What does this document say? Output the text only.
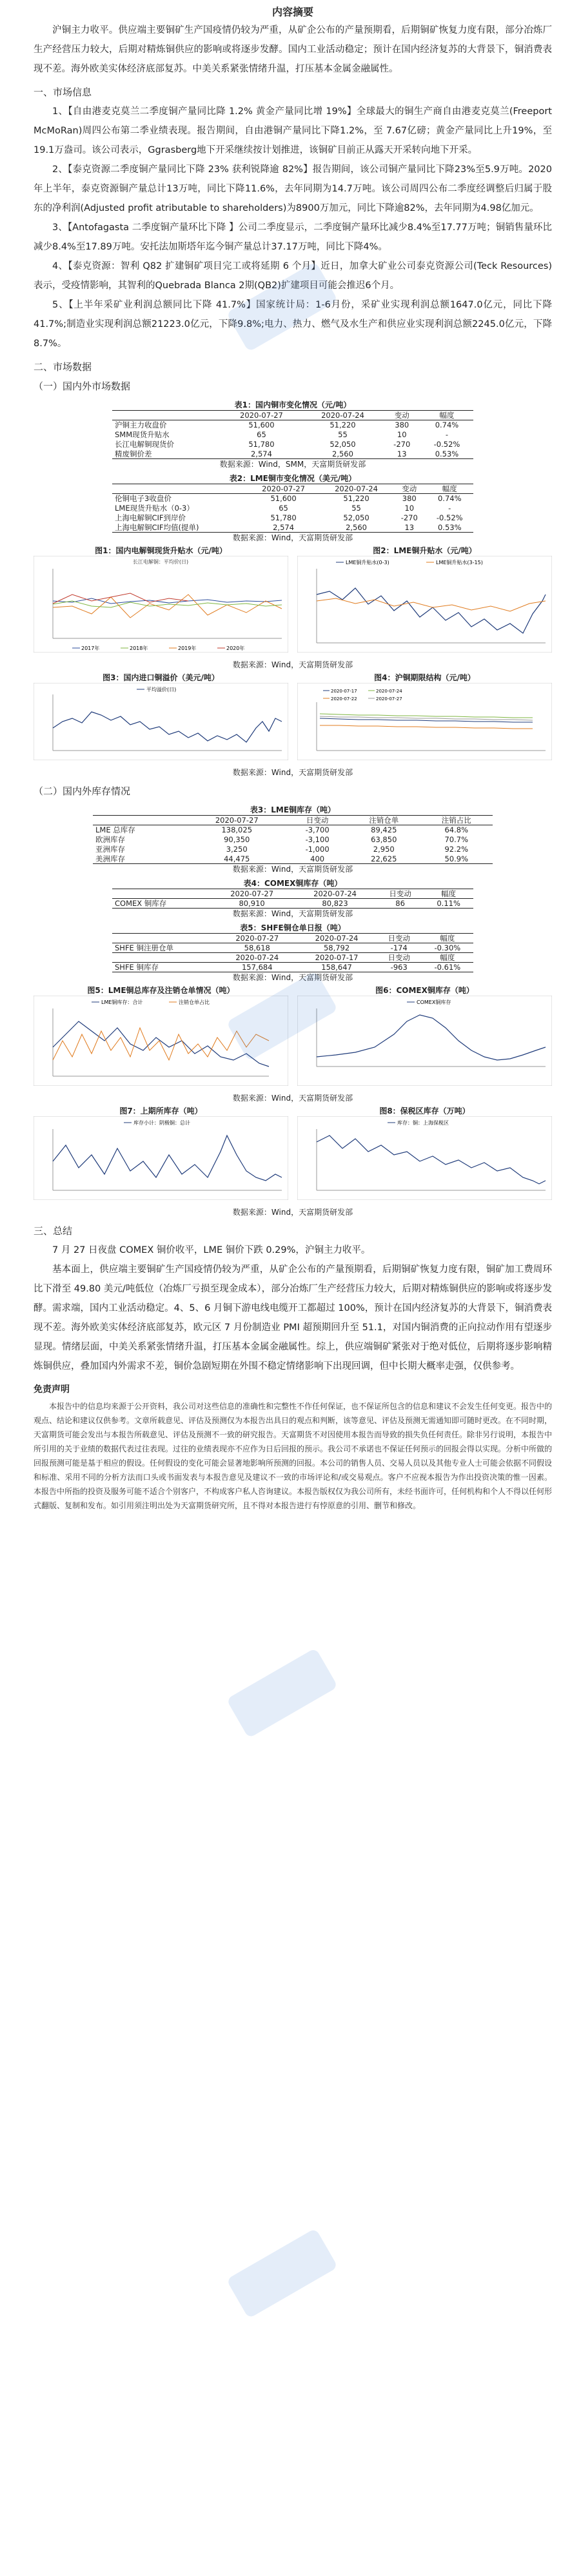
内容摘要

沪铜主力收平。供应端主要铜矿生产国疫情仍较为严重，从矿企公布的产量预期看，后期铜矿恢复力度有限，部分冶炼厂生产经营压力较大，后期对精炼铜供应的影响或将逐步发酵。国内工业活动稳定；预计在国内经济复苏的大背景下，铜消费表现不差。海外欧美实体经济底部复苏。中美关系紧张情绪升温，打压基本金属金融属性。

一、市场信息

1、【自由港麦克莫兰二季度铜产量同比降 1.2% 黄金产量同比增 19%】全球最大的铜生产商自由港麦克莫兰(Freeport McMoRan)周四公布第二季业绩表现。报告期间，自由港铜产量同比下降1.2%，至 7.67亿磅；黄金产量同比上升19%，至19.1万盎司。该公司表示，Ggrasberg地下开采继续按计划推进，该铜矿目前正从露天开采转向地下开采。

2、【泰克资源二季度铜产量同比下降 23% 获利锐降逾 82%】报告期间，该公司铜产量同比下降23%至5.9万吨。2020年上半年，泰克资源铜产量总计13万吨，同比下降11.6%，去年同期为14.7万吨。该公司周四公布二季度经调整后归属于股东的净利润(Adjusted profit atributable to shareholders)为8900万加元，同比下降逾82%，去年同期为4.98亿加元。

3、【Antofagasta 二季度铜产量环比下降 】公司二季度显示，二季度铜产量环比减少8.4%至17.77万吨；铜销售量环比减少8.4%至17.89万吨。安托法加斯塔年迄今铜产量总计37.17万吨，同比下降4%。

4、【泰克资源：智利 Q82 扩建铜矿项目完工或将延期 6 个月】近日，加拿大矿业公司泰克资源公司(Teck Resources)表示，受疫情影响，其智利的Quebrada Blanca 2期(QB2)扩建项目可能会推迟6个月。

5、【上半年采矿业利润总额同比下降 41.7%】国家统计局：1-6月份，采矿业实现利润总额1647.0亿元，同比下降41.7%;制造业实现利润总额21223.0亿元，下降9.8%;电力、热力、燃气及水生产和供应业实现利润总额2245.0亿元，下降8.7%。

二、市场数据
（一）国内外市场数据
表1：国内铜市变化情况（元/吨）
	2020-07-27	2020-07-24	变动	幅度
沪铜主力收盘价	51,600	51,220	380	0.74%
SMM现货升贴水	65	55	10	-
长江电解铜现货价	51,780	52,050	-270	-0.52%
精废铜价差	2,574	2,560	13	0.53%
数据来源：Wind，SMM，天富期货研发部
表2：LME铜市变化情况（美元/吨）
	2020-07-27	2020-07-24	变动	幅度
伦铜电子3收盘价	51,600	51,220	380	0.74%
LME现货升贴水（0-3）	65	55	10	-
上海电解铜CIF到岸价	51,780	52,050	-270	-0.52%
上海电解铜CIF均值(提单)	2,574	2,560	13	0.53%
数据来源：Wind，天富期货研发部
图1：国内电解铜现货升贴水（元/吨）
长江电解铜：平均价(日)
2017年	2018年	2019年	2020年
图2：LME铜升贴水（元/吨）
LME铜升贴水(0-3)	LME铜升贴水(3-15)
数据来源：Wind，天富期货研发部
图3：国内进口铜溢价（美元/吨）
平均溢价(日)
图4：沪铜期限结构（元/吨）
2020-07-17	2020-07-24
2020-07-22	2020-07-27
数据来源：Wind，天富期货研发部
（二）国内外库存情况
表3：LME铜库存（吨）
	2020-07-27	日变动	注销仓单	注销占比
LME 总库存	138,025	-3,700	89,425	64.8%
欧洲库存	90,350	-3,100	63,850	70.7%
亚洲库存	3,250	-1,000	2,950	92.2%
美洲库存	44,475	400	22,625	50.9%
数据来源：Wind，天富期货研发部
表4：COMEX铜库存（吨）
	2020-07-27	2020-07-24	日变动	幅度
COMEX 铜库存	80,910	80,823	86	0.11%
数据来源：Wind，天富期货研发部
表5：SHFE铜仓单日报（吨）
	2020-07-27	2020-07-24	日变动	幅度
SHFE 铜注册仓单	58,618	58,792	-174	-0.30%
	2020-07-24	2020-07-17	日变动	幅度
SHFE 铜库存	157,684	158,647	-963	-0.61%
数据来源：Wind，天富期货研发部
图5：LME铜总库存及注销仓单情况（吨）
LME铜库存：合计	注销仓单占比
图6：COMEX铜库存（吨）
COMEX铜库存
数据来源：Wind，天富期货研发部
图7：上期所库存（吨）
库存小计：阴极铜：总计
图8：保税区库存（万吨）
库存：铜：上海保税区
数据来源：Wind，天富期货研发部
三、总结

7 月 27 日夜盘 COMEX 铜价收平，LME 铜价下跌 0.29%，沪铜主力收平。

基本面上，供应端主要铜矿生产国疫情仍较为严重，从矿企公布的产量预期看，后期铜矿恢复力度有限，铜矿加工费周环比下滑至 49.80 美元/吨低位（冶炼厂亏损至现金成本），部分冶炼厂生产经营压力较大，后期对精炼铜供应的影响或将逐步发酵。需求端，国内工业活动稳定。4、5、6 月铜下游电线电缆开工都超过 100%，预计在国内经济复苏的大背景下，铜消费表现不差。海外欧美实体经济底部复苏，欧元区 7 月份制造业 PMI 超预期回升至 51.1，对国内铜消费的正向拉动作用有望逐步显现。情绪层面，中美关系紧张情绪升温，打压基本金属金融属性。综上，供应端铜矿紧张对于绝对低位，后期将逐步影响精炼铜供应，叠加国内外需求不差，铜价急剧短期在外围不稳定情绪影响下出现回调，但中长期大概率走强，仅供参考。

免责声明

本报告中的信息均来源于公开资料，我公司对这些信息的准确性和完整性不作任何保证，也不保证所包含的信息和建议不会发生任何变更。报告中的观点、结论和建议仅供参考。文章所载意见、评估及预测仅为本报告出具日的观点和判断，该等意见、评估及预测无需通知即可随时更改。在不同时期，天富期货可能会发出与本报告所载意见、评估及预测不一致的研究报告。天富期货不对因使用本报告而导致的损失负任何责任。除非另行说明，本报告中所引用的关于业绩的数据代表过往表现。过往的业绩表现亦不应作为日后回报的预示。我公司不承诺也不保证任何预示的回报会得以实现。分析中所做的回报预测可能是基于相应的假设。任何假设的变化可能会显著地影响所预测的回报。本公司的销售人员、交易人员以及其他专业人士可能会依据不同假设和标准、采用不同的分析方法而口头或书面发表与本报告意见及建议不一致的市场评论和/或交易观点。客户不应视本报告为作出投资决策的惟一因素。本报告中所指的投资及服务可能不适合个别客户，不构成客户私人咨询建议。本报告版权仅为我公司所有，未经书面许可，任何机构和个人不得以任何形式翻版、复制和发布。如引用须注明出处为天富期货研究所，且不得对本报告进行有悖原意的引用、删节和修改。
